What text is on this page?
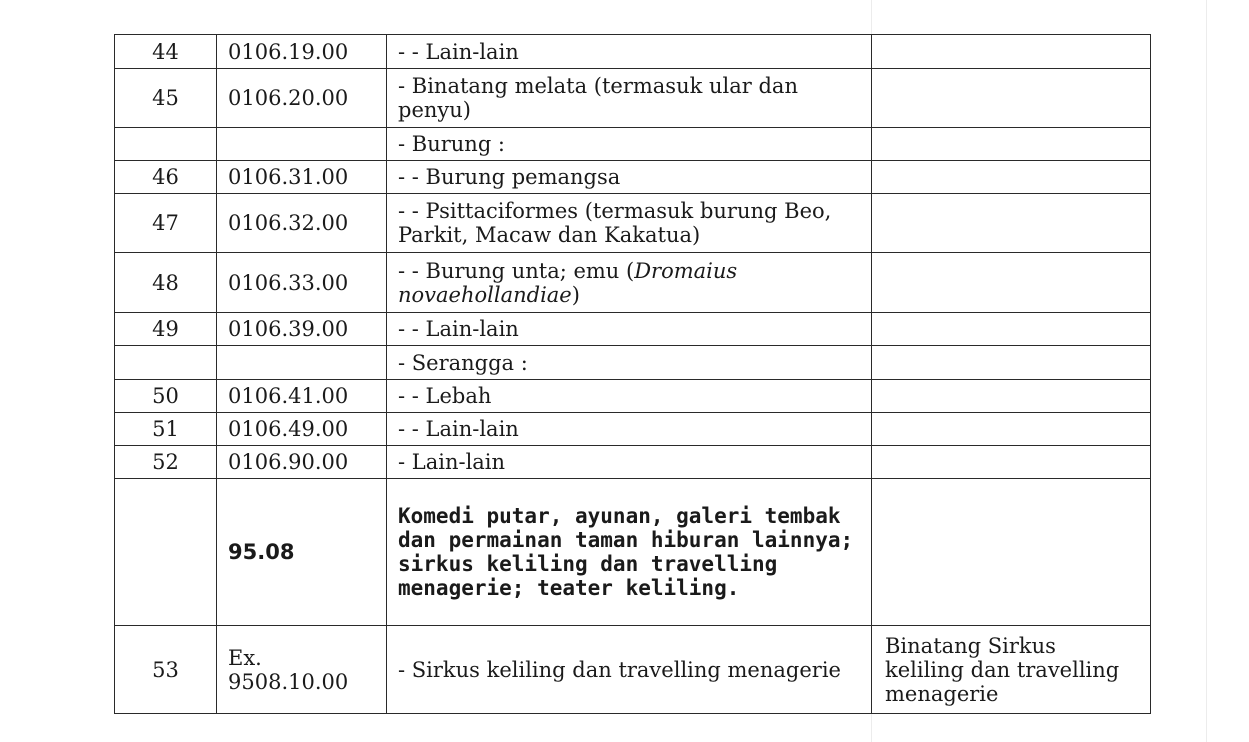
44	0106.19.00	- - Lain-lain	
45	0106.20.00	- Binatang melata (termasuk ular dan penyu)	
		- Burung :	
46	0106.31.00	- - Burung pemangsa	
47	0106.32.00	- - Psittaciformes (termasuk burung Beo, Parkit, Macaw dan Kakatua)	
48	0106.33.00	- - Burung unta; emu (Dromaius novaehollandiae)	
49	0106.39.00	- - Lain-lain	
		- Serangga :	
50	0106.41.00	- - Lebah	
51	0106.49.00	- - Lain-lain	
52	0106.90.00	- Lain-lain	
	95.08	Komedi putar, ayunan, galeri tembak dan permainan taman hiburan lainnya; sirkus keliling dan travelling menagerie; teater keliling.	
53	Ex. 9508.10.00	- Sirkus keliling dan travelling menagerie	Binatang Sirkus keliling dan travelling menagerie
